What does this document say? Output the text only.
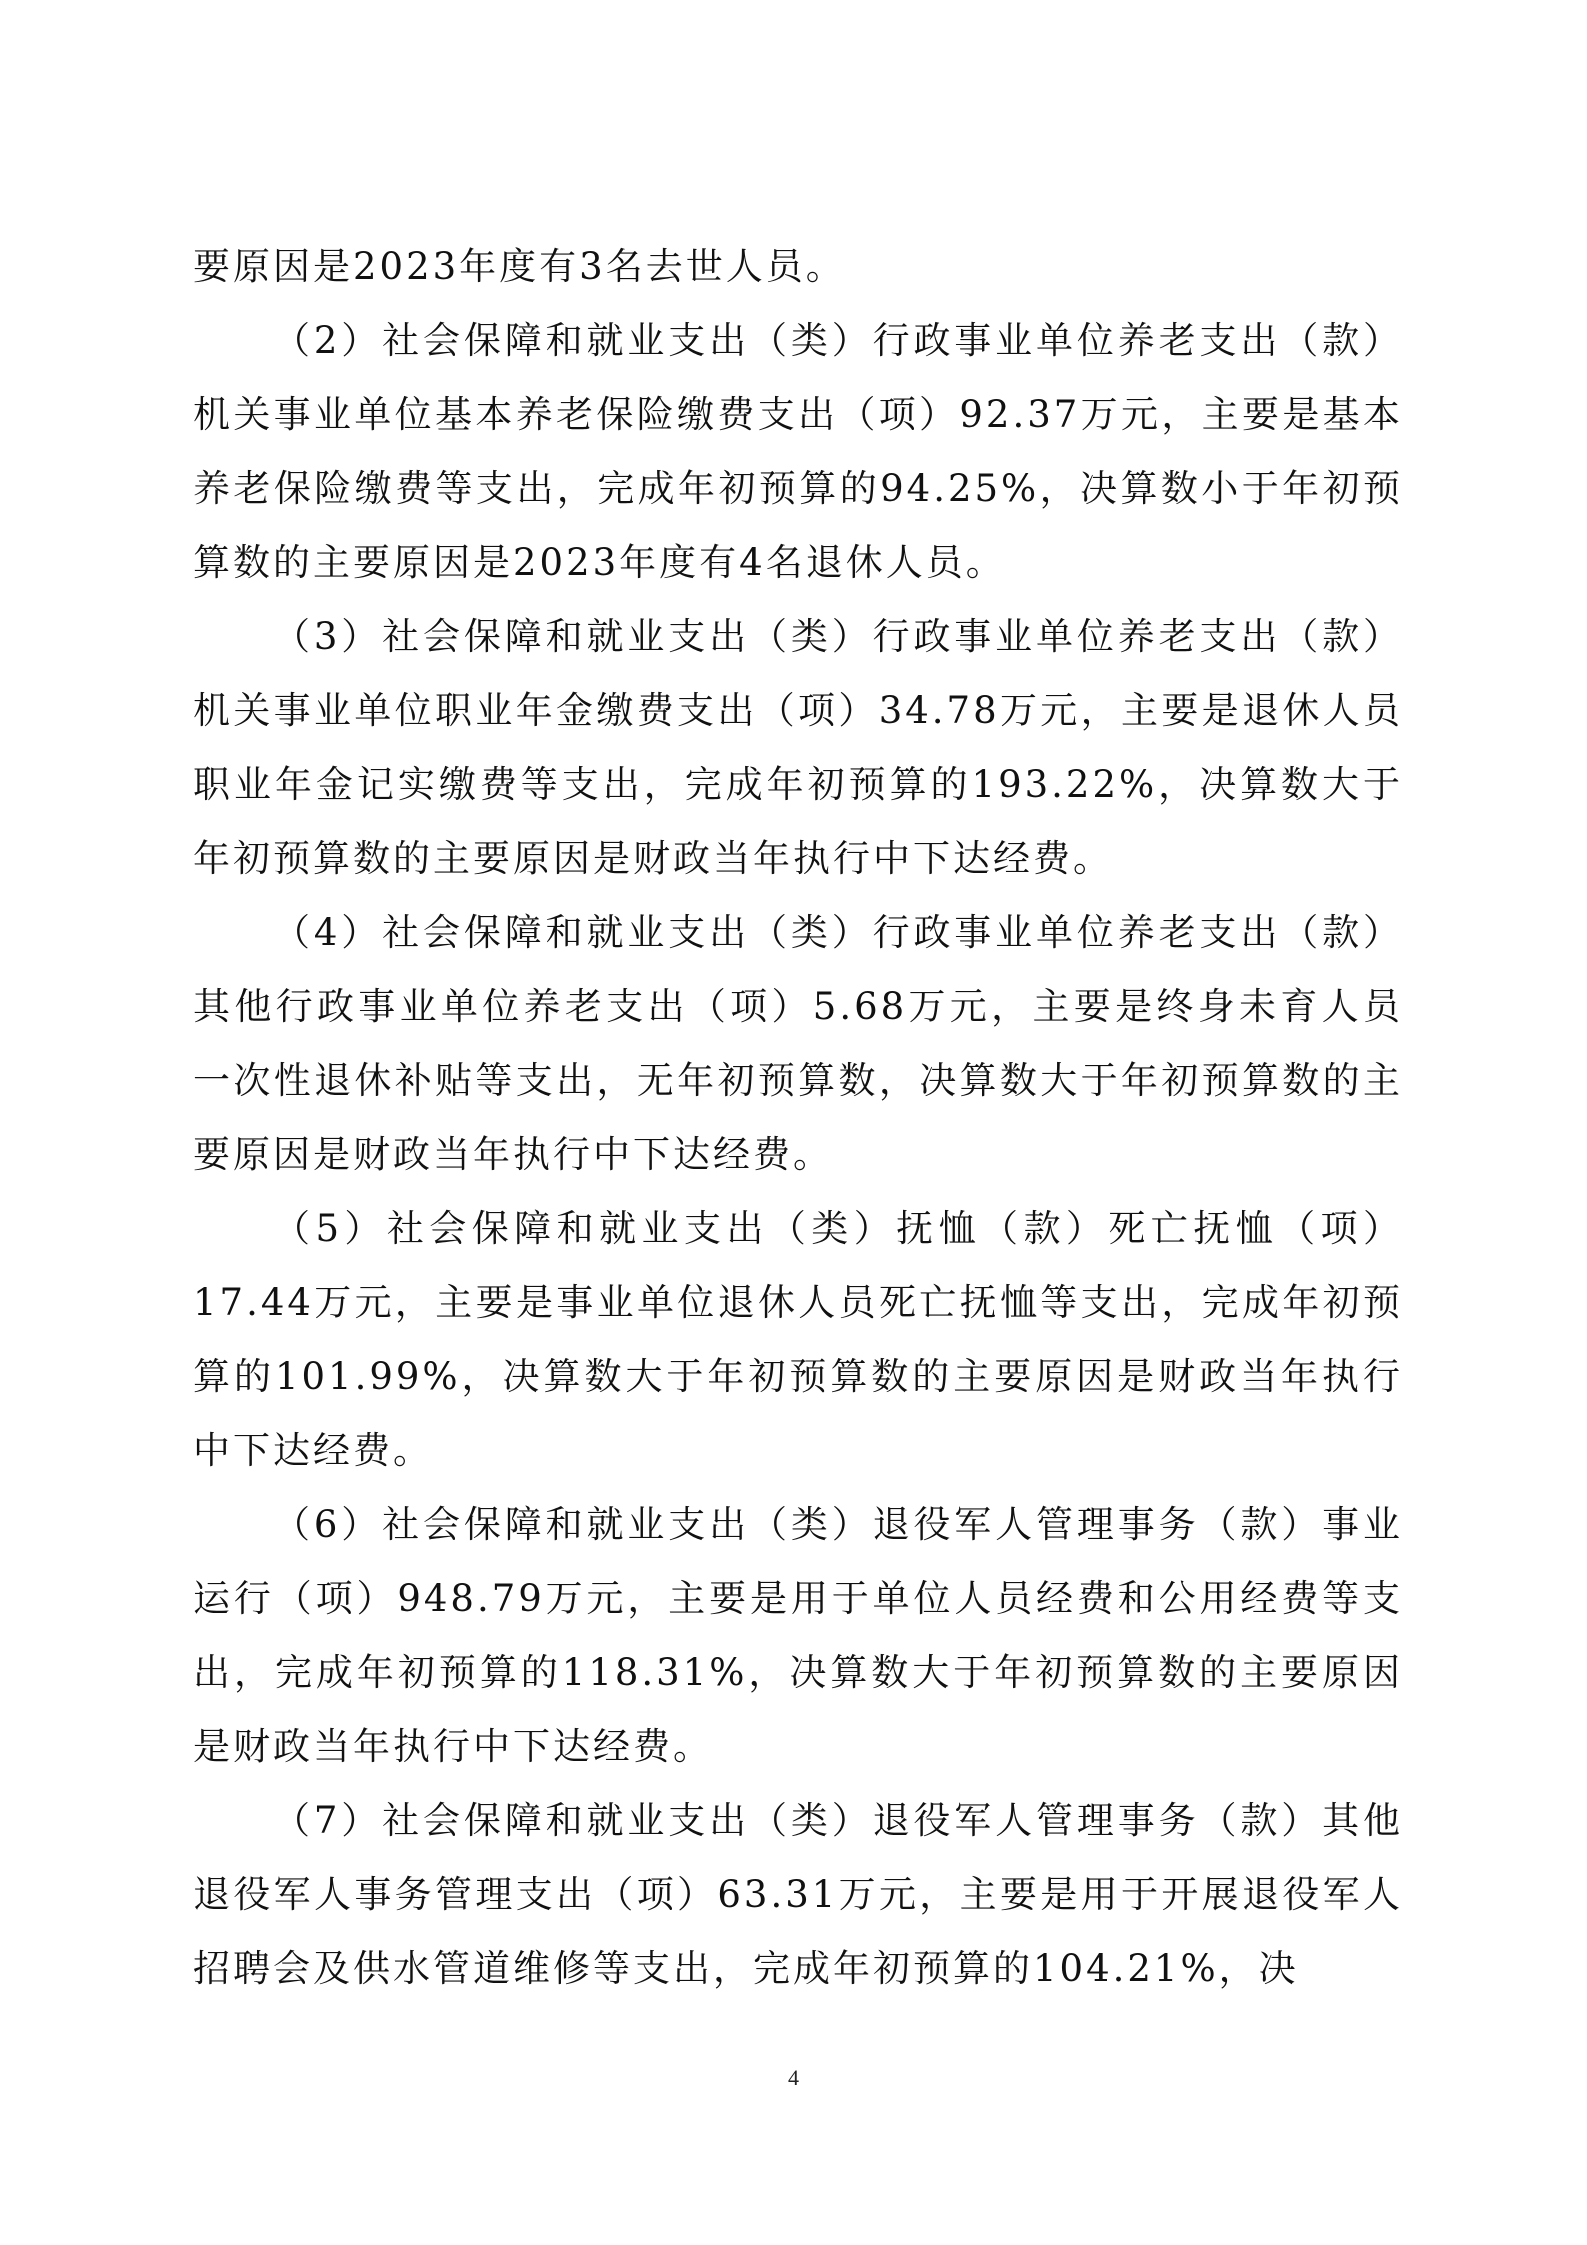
要原因是2023年度有3名去世人员。

（2）社会保障和就业支出（类）行政事业单位养老支出（款）机关事业单位基本养老保险缴费支出（项）92.37万元，主要是基本养老保险缴费等支出，完成年初预算的94.25%，决算数小于年初预算数的主要原因是2023年度有4名退休人员。

（3）社会保障和就业支出（类）行政事业单位养老支出（款）机关事业单位职业年金缴费支出（项）34.78万元，主要是退休人员职业年金记实缴费等支出，完成年初预算的193.22%，决算数大于年初预算数的主要原因是财政当年执行中下达经费。

（4）社会保障和就业支出（类）行政事业单位养老支出（款）其他行政事业单位养老支出（项）5.68万元，主要是终身未育人员一次性退休补贴等支出，无年初预算数，决算数大于年初预算数的主要原因是财政当年执行中下达经费。

（5）社会保障和就业支出（类）抚恤（款）死亡抚恤（项）17.44万元，主要是事业单位退休人员死亡抚恤等支出，完成年初预算的101.99%，决算数大于年初预算数的主要原因是财政当年执行中下达经费。

（6）社会保障和就业支出（类）退役军人管理事务（款）事业运行（项）948.79万元，主要是用于单位人员经费和公用经费等支出，完成年初预算的118.31%，决算数大于年初预算数的主要原因是财政当年执行中下达经费。

（7）社会保障和就业支出（类）退役军人管理事务（款）其他退役军人事务管理支出（项）63.31万元，主要是用于开展退役军人招聘会及供水管道维修等支出，完成年初预算的104.21%，决

4
